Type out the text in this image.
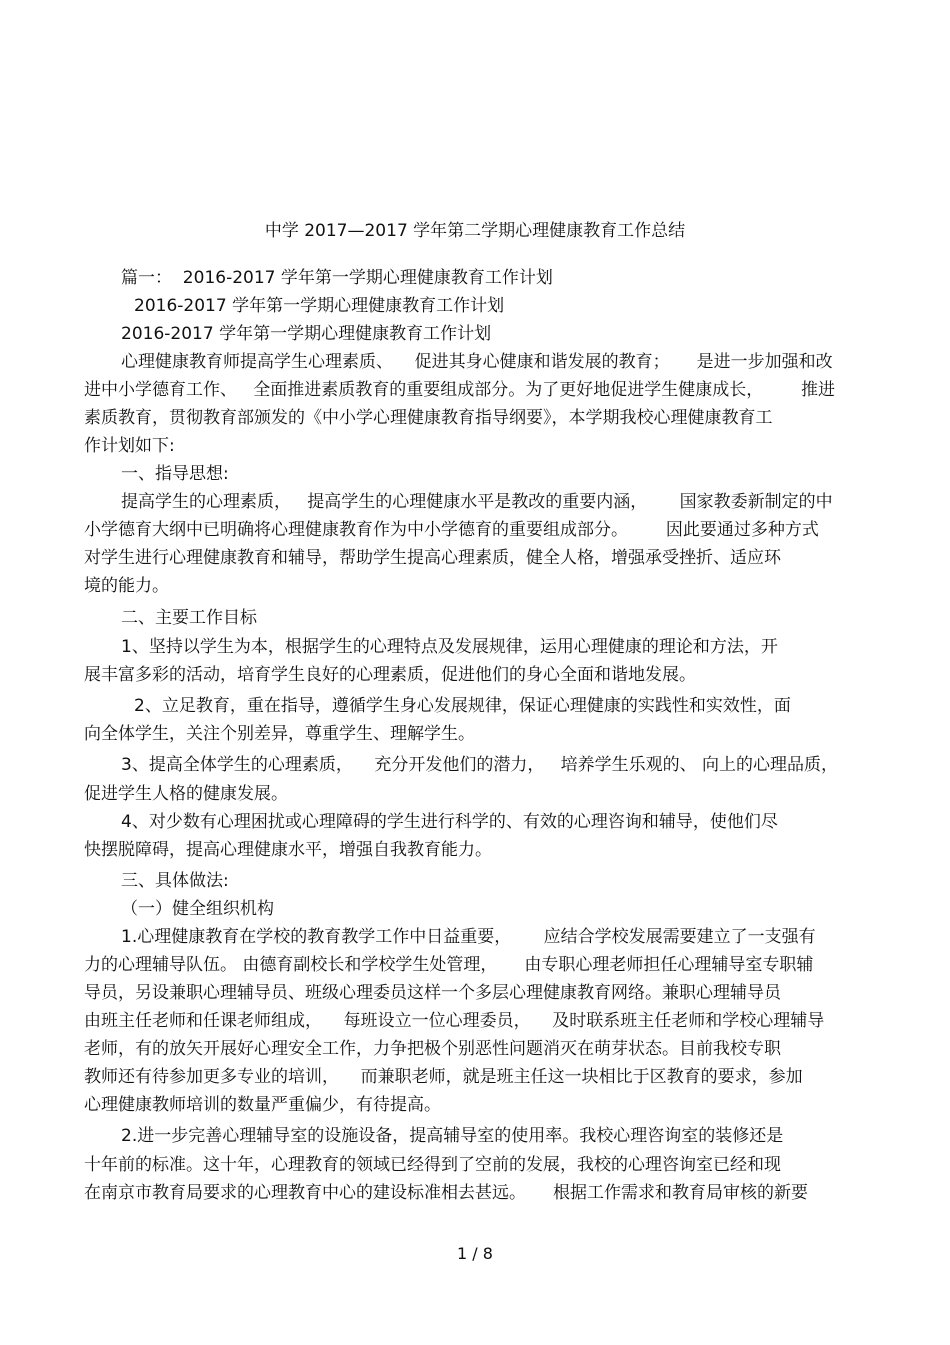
中学 2017—2017 学年第二学期心理健康教育工作总结
篇一：  2016-2017 学年第一学期心理健康教育工作计划
2016-2017 学年第一学期心理健康教育工作计划
2016-2017 学年第一学期心理健康教育工作计划
心理健康教育师提高学生心理素质、    促进其身心健康和谐发展的教育；     是进一步加强和改
进中小学德育工作、   全面推进素质教育的重要组成部分。为了更好地促进学生健康成长，       推进
素质教育，贯彻教育部颁发的《中小学心理健康教育指导纲要》，本学期我校心理健康教育工
作计划如下:
一、指导思想:
提高学生的心理素质，   提高学生的心理健康水平是教改的重要内涵，      国家教委新制定的中
小学德育大纲中已明确将心理健康教育作为中小学德育的重要组成部分。       因此要通过多种方式
对学生进行心理健康教育和辅导，帮助学生提高心理素质，健全人格，增强承受挫折、适应环
境的能力。
二、主要工作目标
1、坚持以学生为本，根据学生的心理特点及发展规律，运用心理健康的理论和方法，开
展丰富多彩的活动，培育学生良好的心理素质，促进他们的身心全面和谐地发展。
2、立足教育，重在指导，遵循学生身心发展规律，保证心理健康的实践性和实效性，面
向全体学生，关注个别差异，尊重学生、理解学生。
3、提高全体学生的心理素质，    充分开发他们的潜力，   培养学生乐观的、 向上的心理品质，
促进学生人格的健康发展。
4、对少数有心理困扰或心理障碍的学生进行科学的、有效的心理咨询和辅导，使他们尽
快摆脱障碍，提高心理健康水平，增强自我教育能力。
三、具体做法:
（一）健全组织机构
1.心理健康教育在学校的教育教学工作中日益重要，      应结合学校发展需要建立了一支强有
力的心理辅导队伍。 由德育副校长和学校学生处管理，     由专职心理老师担任心理辅导室专职辅
导员，另设兼职心理辅导员、班级心理委员这样一个多层心理健康教育网络。兼职心理辅导员
由班主任老师和任课老师组成，    每班设立一位心理委员，    及时联系班主任老师和学校心理辅导
老师，有的放矢开展好心理安全工作，力争把极个别恶性问题消灭在萌芽状态。目前我校专职
教师还有待参加更多专业的培训，    而兼职老师，就是班主任这一块相比于区教育的要求，参加
心理健康教师培训的数量严重偏少，有待提高。
2.进一步完善心理辅导室的设施设备，提高辅导室的使用率。我校心理咨询室的装修还是
十年前的标准。这十年，心理教育的领域已经得到了空前的发展，我校的心理咨询室已经和现
在南京市教育局要求的心理教育中心的建设标准相去甚远。     根据工作需求和教育局审核的新要
1 / 8
